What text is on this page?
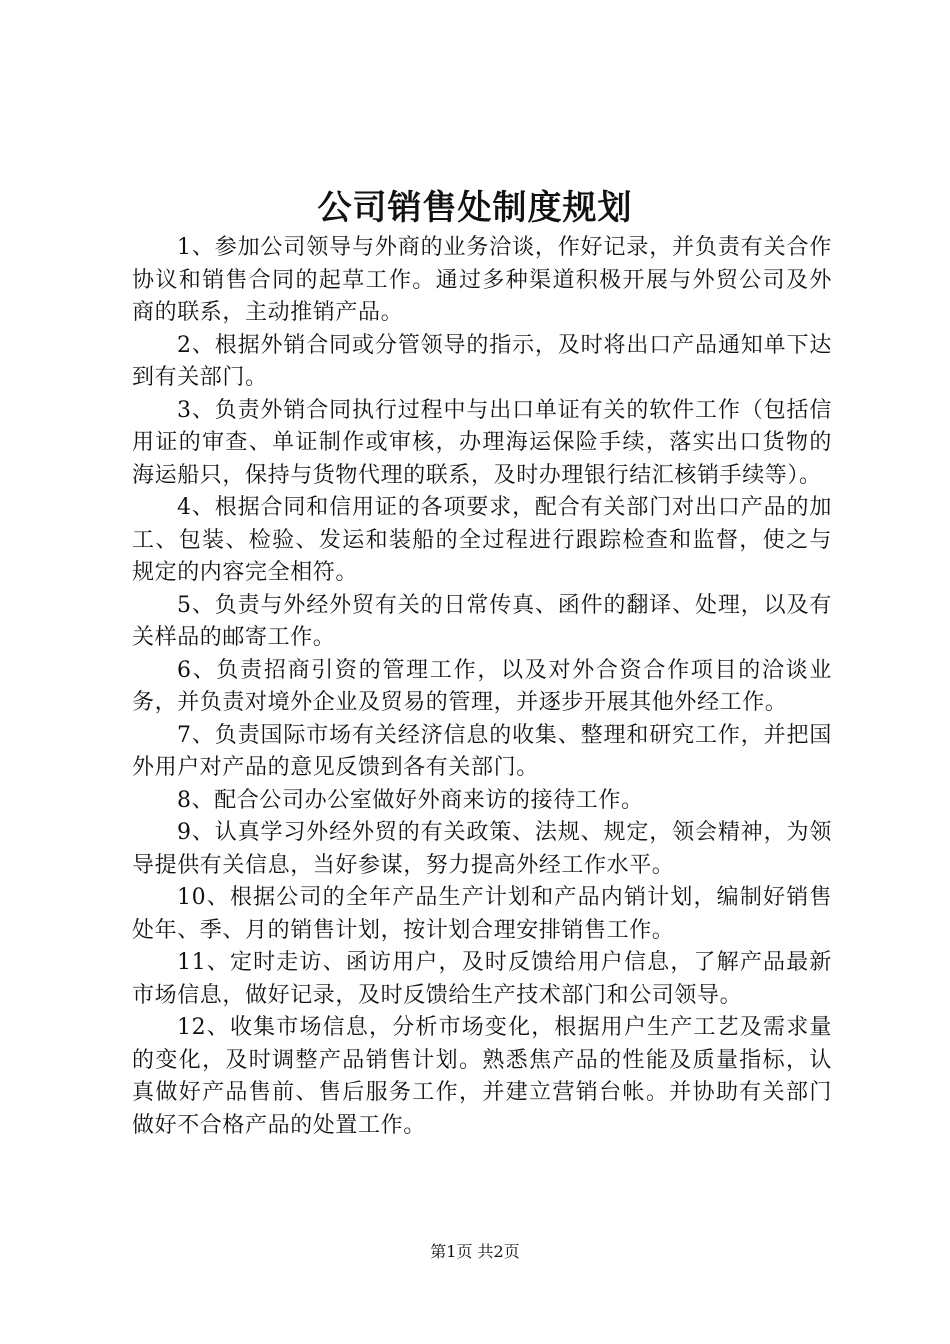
公司销售处制度规划

1、参加公司领导与外商的业务洽谈，作好记录，并负责有关合作协议和销售合同的起草工作。通过多种渠道积极开展与外贸公司及外商的联系，主动推销产品。

2、根据外销合同或分管领导的指示，及时将出口产品通知单下达到有关部门。

3、负责外销合同执行过程中与出口单证有关的软件工作（包括信用证的审查、单证制作或审核，办理海运保险手续，落实出口货物的海运船只，保持与货物代理的联系，及时办理银行结汇核销手续等）。

4、根据合同和信用证的各项要求，配合有关部门对出口产品的加工、包装、检验、发运和装船的全过程进行跟踪检查和监督，使之与规定的内容完全相符。

5、负责与外经外贸有关的日常传真、函件的翻译、处理，以及有关样品的邮寄工作。

6、负责招商引资的管理工作，以及对外合资合作项目的洽谈业务，并负责对境外企业及贸易的管理，并逐步开展其他外经工作。

7、负责国际市场有关经济信息的收集、整理和研究工作，并把国外用户对产品的意见反馈到各有关部门。

8、配合公司办公室做好外商来访的接待工作。

9、认真学习外经外贸的有关政策、法规、规定，领会精神，为领导提供有关信息，当好参谋，努力提高外经工作水平。

10、根据公司的全年产品生产计划和产品内销计划，编制好销售处年、季、月的销售计划，按计划合理安排销售工作。

11、定时走访、函访用户，及时反馈给用户信息，了解产品最新市场信息，做好记录，及时反馈给生产技术部门和公司领导。

12、收集市场信息，分析市场变化，根据用户生产工艺及需求量的变化，及时调整产品销售计划。熟悉焦产品的性能及质量指标，认真做好产品售前、售后服务工作，并建立营销台帐。并协助有关部门做好不合格产品的处置工作。

第1页 共2页
